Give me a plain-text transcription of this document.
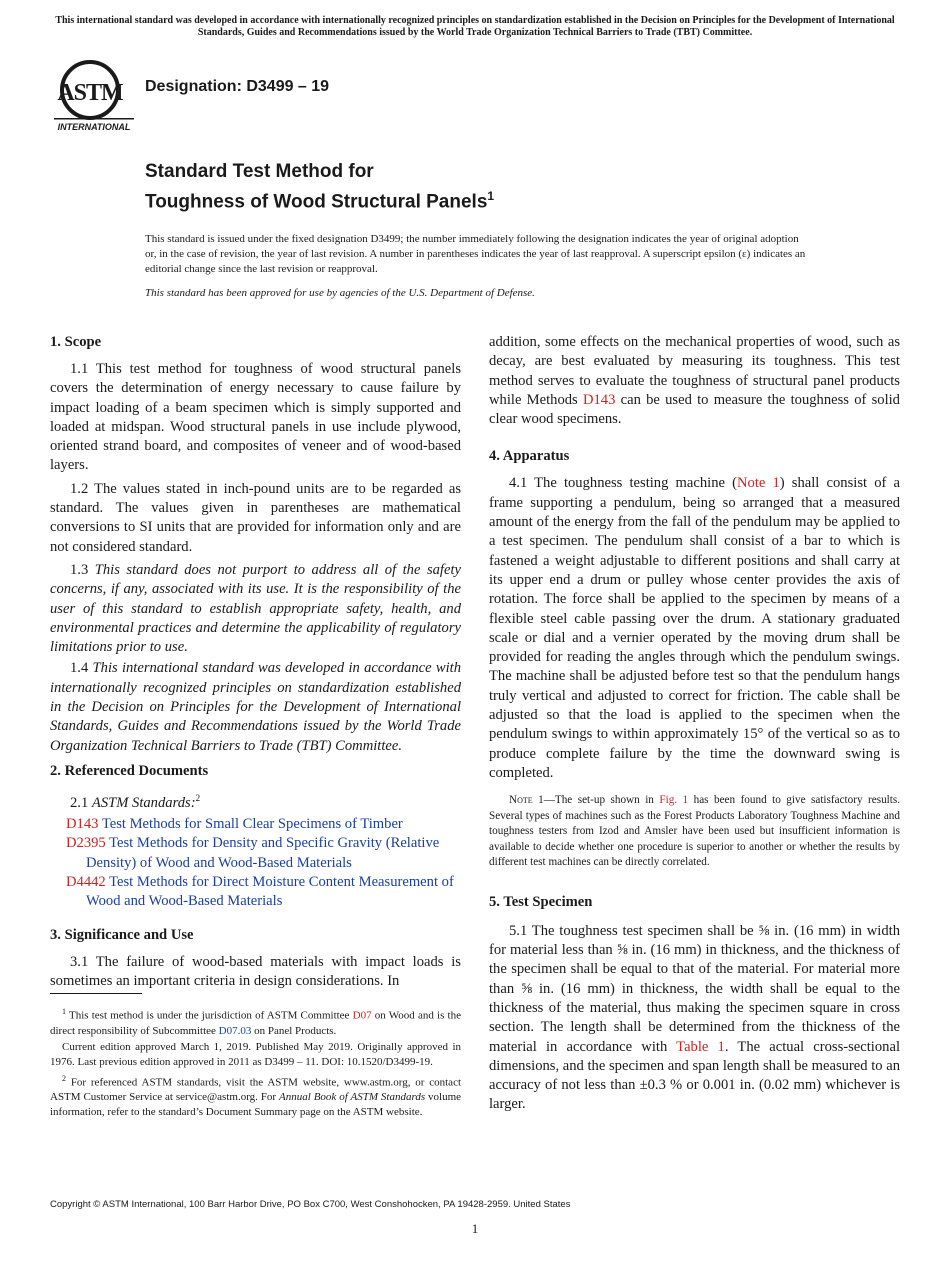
This international standard was developed in accordance with internationally recognized principles on standardization established in the Decision on Principles for the Development of International Standards, Guides and Recommendations issued by the World Trade Organization Technical Barriers to Trade (TBT) Committee.
ASTM
INTERNATIONAL
Designation: D3499 – 19
Standard Test Method for
Toughness of Wood Structural Panels$^1$
This standard is issued under the fixed designation D3499; the number immediately following the designation indicates the year of original adoption or, in the case of revision, the year of last revision. A number in parentheses indicates the year of last reapproval. A superscript epsilon (ε) indicates an editorial change since the last revision or reapproval.
This standard has been approved for use by agencies of the U.S. Department of Defense.
1. Scope

1.1 This test method for toughness of wood structural panels covers the determination of energy necessary to cause failure by impact loading of a beam specimen which is simply supported and loaded at midspan. Wood structural panels in use include plywood, oriented strand board, and composites of veneer and of wood-based layers.

1.2 The values stated in inch-pound units are to be regarded as standard. The values given in parentheses are mathematical conversions to SI units that are provided for information only and are not considered standard.

1.3 This standard does not purport to address all of the safety concerns, if any, associated with its use. It is the responsibility of the user of this standard to establish appropriate safety, health, and environmental practices and determine the applicability of regulatory limitations prior to use.

1.4 This international standard was developed in accordance with internationally recognized principles on standardization established in the Decision on Principles for the Development of International Standards, Guides and Recommendations issued by the World Trade Organization Technical Barriers to Trade (TBT) Committee.

2. Referenced Documents

2.1 ASTM Standards:$^2$

D143 Test Methods for Small Clear Specimens of Timber
D2395 Test Methods for Density and Specific Gravity (Relative Density) of Wood and Wood-Based Materials
D4442 Test Methods for Direct Moisture Content Measurement of Wood and Wood-Based Materials
3. Significance and Use

3.1 The failure of wood-based materials with impact loads is sometimes an important criteria in design considerations. In

$^1$ This test method is under the jurisdiction of ASTM Committee D07 on Wood and is the direct responsibility of Subcommittee D07.03 on Panel Products.

Current edition approved March 1, 2019. Published May 2019. Originally approved in 1976. Last previous edition approved in 2011 as D3499 – 11. DOI: 10.1520/D3499-19.

$^2$ For referenced ASTM standards, visit the ASTM website, www.astm.org, or contact ASTM Customer Service at service@astm.org. For Annual Book of ASTM Standards volume information, refer to the standard’s Document Summary page on the ASTM website.

addition, some effects on the mechanical properties of wood, such as decay, are best evaluated by measuring its toughness. This test method serves to evaluate the toughness of structural panel products while Methods D143 can be used to measure the toughness of solid clear wood specimens.

4. Apparatus

4.1 The toughness testing machine (Note 1) shall consist of a frame supporting a pendulum, being so arranged that a measured amount of the energy from the fall of the pendulum may be applied to a test specimen. The pendulum shall consist of a bar to which is fastened a weight adjustable to different positions and shall carry at its upper end a drum or pulley whose center provides the axis of rotation. The force shall be applied to the specimen by means of a flexible steel cable passing over the drum. A stationary graduated scale or dial and a vernier operated by the moving drum shall be provided for reading the angles through which the pendulum swings. The machine shall be adjusted before test so that the pendulum hangs truly vertical and adjusted to correct for friction. The cable shall be adjusted so that the load is applied to the specimen when the pendulum swings to within approximately 15° of the vertical so as to produce complete failure by the time the downward swing is completed.

Note 1—The set-up shown in Fig. 1 has been found to give satisfactory results. Several types of machines such as the Forest Products Laboratory Toughness Machine and toughness testers from Izod and Amsler have been used but insufficient information is available to decide whether one procedure is superior to another or whether the results by different test machines can be directly correlated.

5. Test Specimen

5.1 The toughness test specimen shall be ⅝ in. (16 mm) in width for material less than ⅝ in. (16 mm) in thickness, and the thickness of the specimen shall be equal to that of the material. For material more than ⅝ in. (16 mm) in thickness, the width shall be equal to the thickness of the material, thus making the specimen square in cross section. The length shall be determined from the thickness of the material in accordance with Table 1. The actual cross-sectional dimensions, and the specimen and span length shall be measured to an accuracy of not less than ±0.3 % or 0.001 in. (0.02 mm) whichever is larger.

Copyright © ASTM International, 100 Barr Harbor Drive, PO Box C700, West Conshohocken, PA 19428-2959. United States
1
